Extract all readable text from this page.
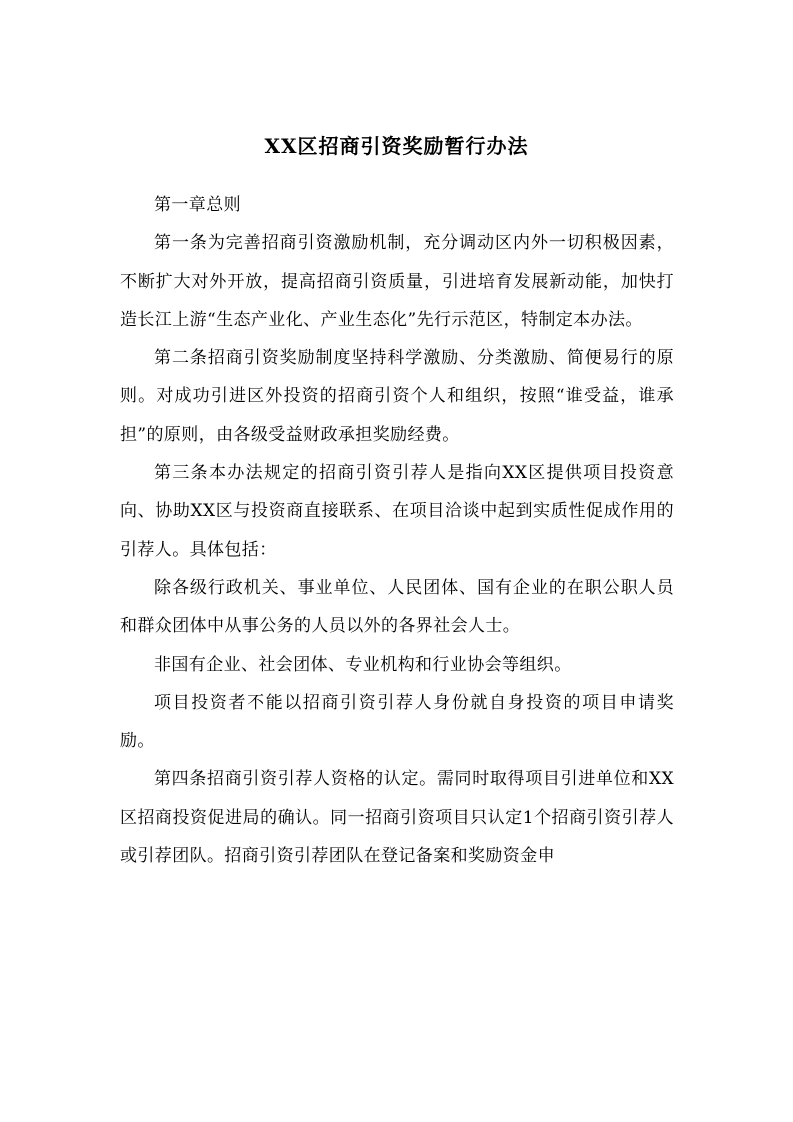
XX区招商引资奖励暂行办法

第一章总则

第一条为完善招商引资激励机制，充分调动区内外一切积极因素，不断扩大对外开放，提高招商引资质量，引进培育发展新动能，加快打造长江上游“生态产业化、产业生态化”先行示范区，特制定本办法。

第二条招商引资奖励制度坚持科学激励、分类激励、简便易行的原则。对成功引进区外投资的招商引资个人和组织，按照“谁受益，谁承担”的原则，由各级受益财政承担奖励经费。

第三条本办法规定的招商引资引荐人是指向XX区提供项目投资意向、协助XX区与投资商直接联系、在项目洽谈中起到实质性促成作用的引荐人。具体包括：

除各级行政机关、事业单位、人民团体、国有企业的在职公职人员和群众团体中从事公务的人员以外的各界社会人士。

非国有企业、社会团体、专业机构和行业协会等组织。

项目投资者不能以招商引资引荐人身份就自身投资的项目申请奖励。

第四条招商引资引荐人资格的认定。需同时取得项目引进单位和XX区招商投资促进局的确认。同一招商引资项目只认定1个招商引资引荐人或引荐团队。招商引资引荐团队在登记备案和奖励资金申
